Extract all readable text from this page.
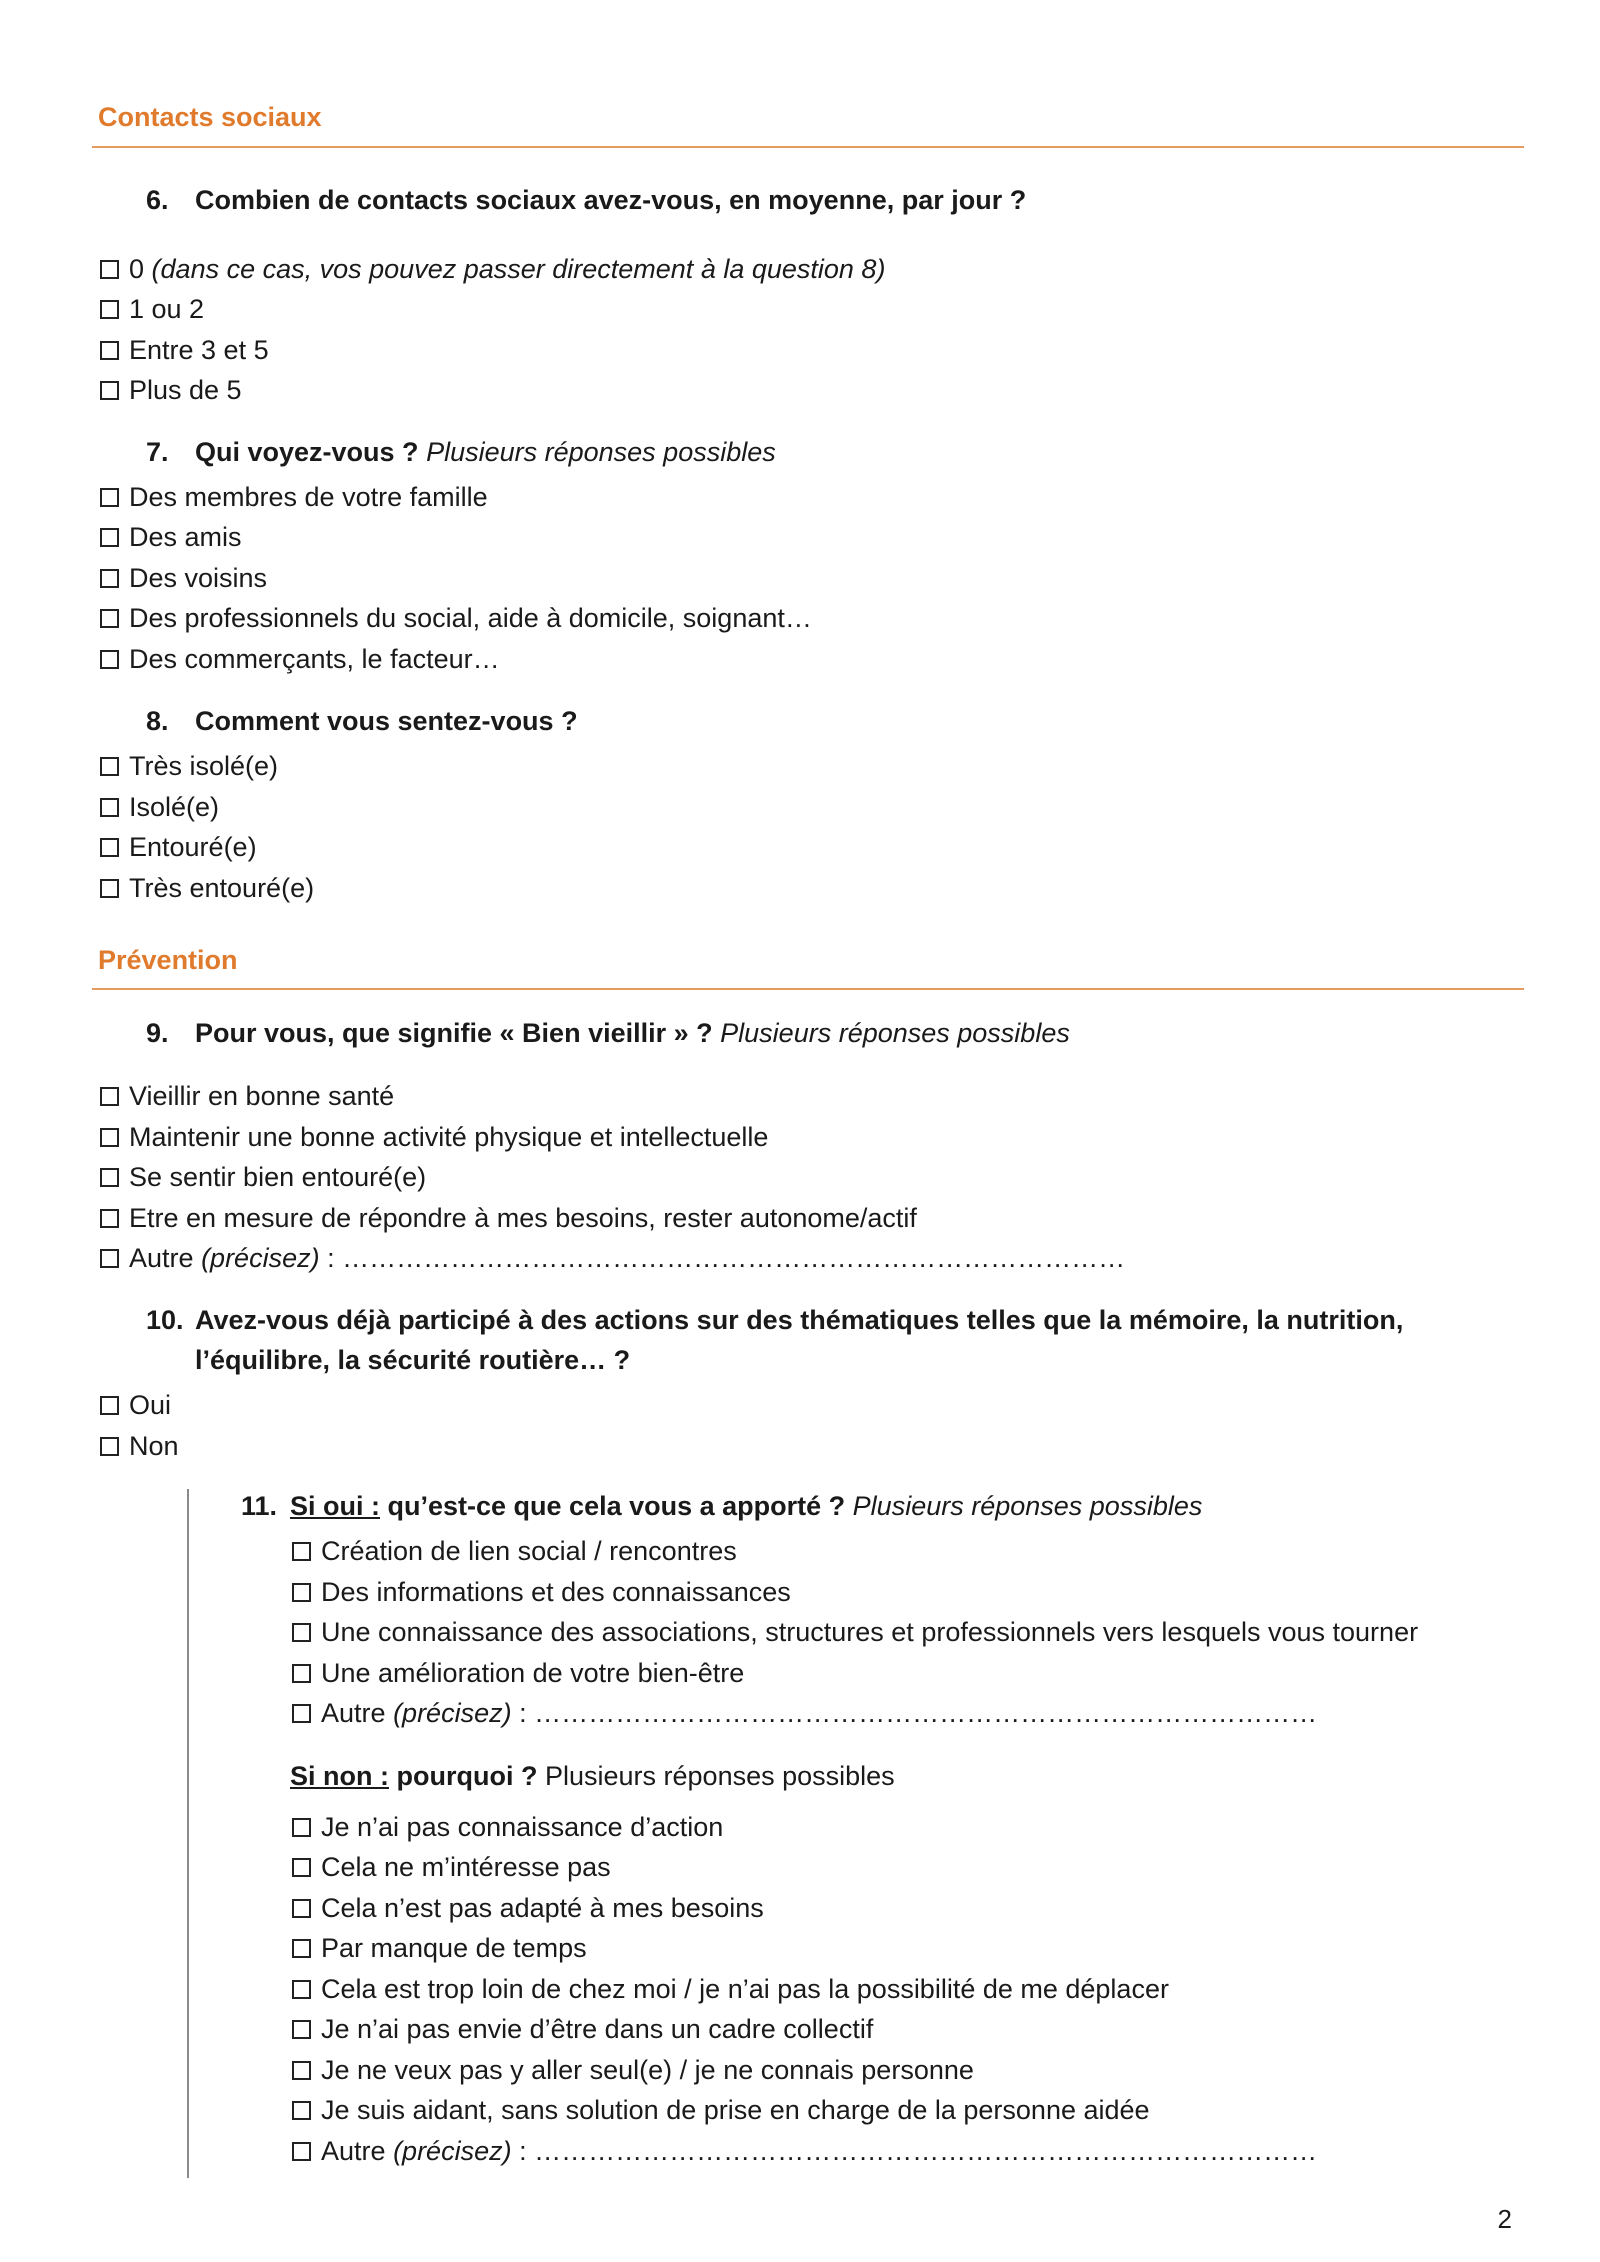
Contacts sociaux
6. Combien de contacts sociaux avez-vous, en moyenne, par jour ?
0 (dans ce cas, vos pouvez passer directement à la question 8)
1 ou 2
Entre 3 et 5
Plus de 5
7. Qui voyez-vous ? Plusieurs réponses possibles
Des membres de votre famille
Des amis
Des voisins
Des professionnels du social, aide à domicile, soignant…
Des commerçants, le facteur…
8. Comment vous sentez-vous ?
Très isolé(e)
Isolé(e)
Entouré(e)
Très entouré(e)
Prévention
9. Pour vous, que signifie « Bien vieillir » ? Plusieurs réponses possibles
Vieillir en bonne santé
Maintenir une bonne activité physique et intellectuelle
Se sentir bien entouré(e)
Etre en mesure de répondre à mes besoins, rester autonome/actif
Autre (précisez) : ……………………………………………………………………………
10. Avez-vous déjà participé à des actions sur des thématiques telles que la mémoire, la nutrition,
l’équilibre, la sécurité routière… ?
Oui
Non
11. Si oui : qu’est-ce que cela vous a apporté ? Plusieurs réponses possibles
Création de lien social / rencontres
Des informations et des connaissances
Une connaissance des associations, structures et professionnels vers lesquels vous tourner
Une amélioration de votre bien-être
Autre (précisez) : ……………………………………………………………………………
Si non : pourquoi ? Plusieurs réponses possibles
Je n’ai pas connaissance d’action
Cela ne m’intéresse pas
Cela n’est pas adapté à mes besoins
Par manque de temps
Cela est trop loin de chez moi / je n’ai pas la possibilité de me déplacer
Je n’ai pas envie d’être dans un cadre collectif
Je ne veux pas y aller seul(e) / je ne connais personne
Je suis aidant, sans solution de prise en charge de la personne aidée
Autre (précisez) : ……………………………………………………………………………
2
